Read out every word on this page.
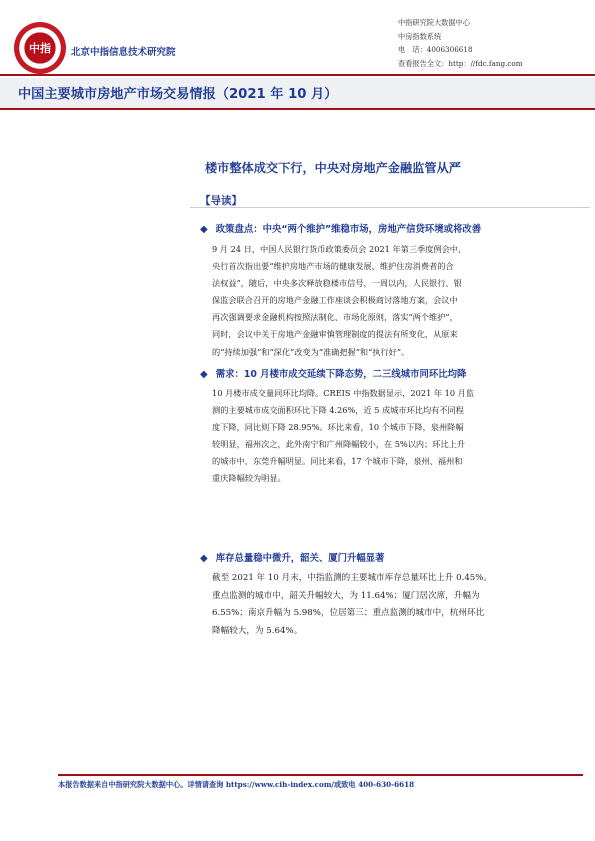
中指	北京中指信息技术研究院
中指研究院大数据中心
中房指数系统
电　话：4006306618
查看报告全文：http：//fdc.fang.com
中国主要城市房地产市场交易情报（2021 年 10 月）
楼市整体成交下行，中央对房地产金融监管从严
【导读】
◆ 政策盘点：中央“两个维护”维稳市场，房地产信贷环境或将改善
9 月 24 日，中国人民银行货币政策委员会 2021 年第三季度例会中，
央行首次指出要“维护房地产市场的健康发展，维护住房消费者的合
法权益”，随后，中央多次释放稳楼市信号，一周以内，人民银行、银
保监会联合召开的房地产金融工作座谈会积极商讨落地方案，会议中
再次强调要求金融机构按照法制化、市场化原则，落实“两个维护”，
同时，会议中关于房地产金融审慎管理制度的提法有所变化，从原来
的“持续加强”和“深化”改变为“准确把握”和“执行好”。
◆ 需求：10 月楼市成交延续下降态势，二三线城市同环比均降
10 月楼市成交量同环比均降。CREIS 中指数据显示，2021 年 10 月监
测的主要城市成交面积环比下降 4.26%，近 5 成城市环比均有不同程
度下降，同比则下降 28.95%。环比来看，10 个城市下降，泉州降幅
较明显，福州次之，此外南宁和广州降幅较小，在 5%以内；环比上升
的城市中，东莞升幅明显。同比来看，17 个城市下降，泉州、福州和
重庆降幅较为明显。
◆ 库存总量稳中微升，韶关、厦门升幅显著
截至 2021 年 10 月末，中指监测的主要城市库存总量环比上升 0.45%。
重点监测的城市中，韶关升幅较大，为 11.64%；厦门居次席，升幅为
6.55%；南京升幅为 5.98%，位居第三；重点监测的城市中，杭州环比
降幅较大，为 5.64%。
本报告数据来自中指研究院大数据中心。详情请查询 https://www.cih-index.com/或致电 400-630-6618
